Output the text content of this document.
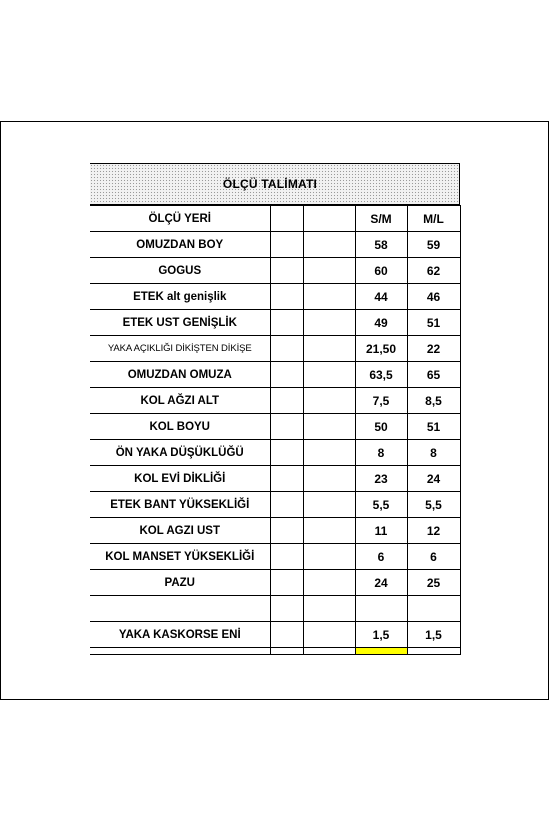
ÖLÇÜ TALİMATI
ÖLÇÜ YERİ			S/M	M/L
OMUZDAN BOY			58	59
GOGUS			60	62
ETEK alt genişlik			44	46
ETEK UST GENİŞLİK			49	51
YAKA AÇIKLIĞI DİKİŞTEN DİKİŞE			21,50	22
OMUZDAN OMUZA			63,5	65
KOL AĞZI ALT			7,5	8,5
KOL BOYU			50	51
ÖN YAKA DÜŞÜKLÜĞÜ			8	8
KOL EVİ DİKLİĞİ			23	24
ETEK BANT YÜKSEKLİĞİ			5,5	5,5
KOL AGZI UST			11	12
KOL MANSET YÜKSEKLİĞİ			6	6
PAZU			24	25

YAKA KASKORSE ENİ			1,5	1,5
